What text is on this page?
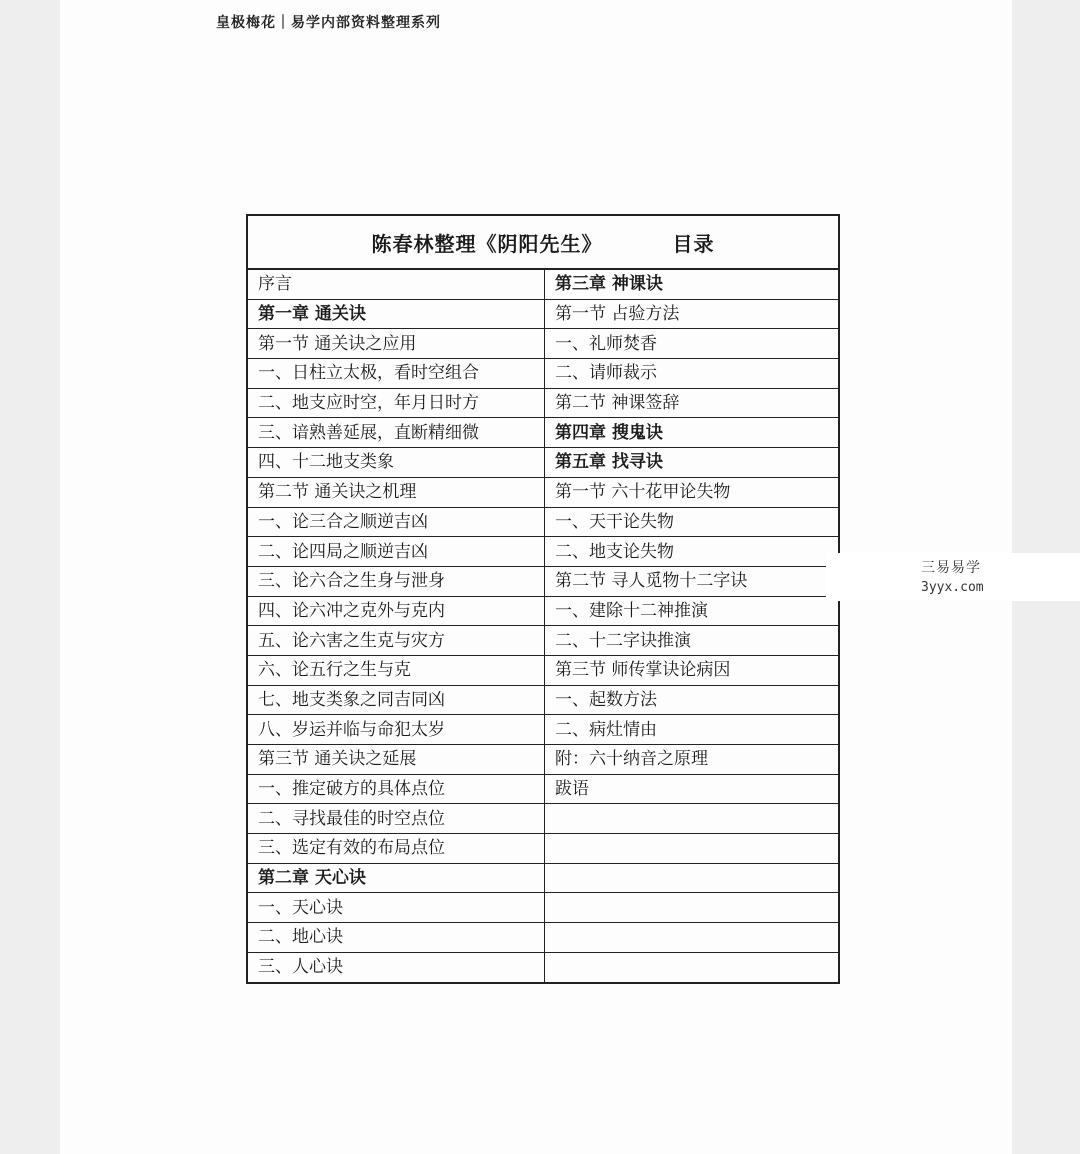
皇极梅花｜易学内部资料整理系列
陈春林整理《阴阳先生》 目录	
序言	第三章 神课诀
第一章 通关诀	第一节 占验方法
第一节 通关诀之应用	一、礼师焚香
一、日柱立太极，看时空组合	二、请师裁示
二、地支应时空，年月日时方	第二节 神课签辞
三、谙熟善延展，直断精细微	第四章 搜鬼诀
四、十二地支类象	第五章 找寻诀
第二节 通关诀之机理	第一节 六十花甲论失物
一、论三合之顺逆吉凶	一、天干论失物
二、论四局之顺逆吉凶	二、地支论失物
三、论六合之生身与泄身	第二节 寻人觅物十二字诀
四、论六冲之克外与克内	一、建除十二神推演
五、论六害之生克与灾方	二、十二字诀推演
六、论五行之生与克	第三节 师传掌诀论病因
七、地支类象之同吉同凶	一、起数方法
八、岁运并临与命犯太岁	二、病灶情由
第三节 通关诀之延展	附：六十纳音之原理
一、推定破方的具体点位	跋语
二、寻找最佳的时空点位	
三、选定有效的布局点位	
第二章 天心诀	
一、天心诀	
二、地心诀	
三、人心诀	
三易易学
3yyx.com
